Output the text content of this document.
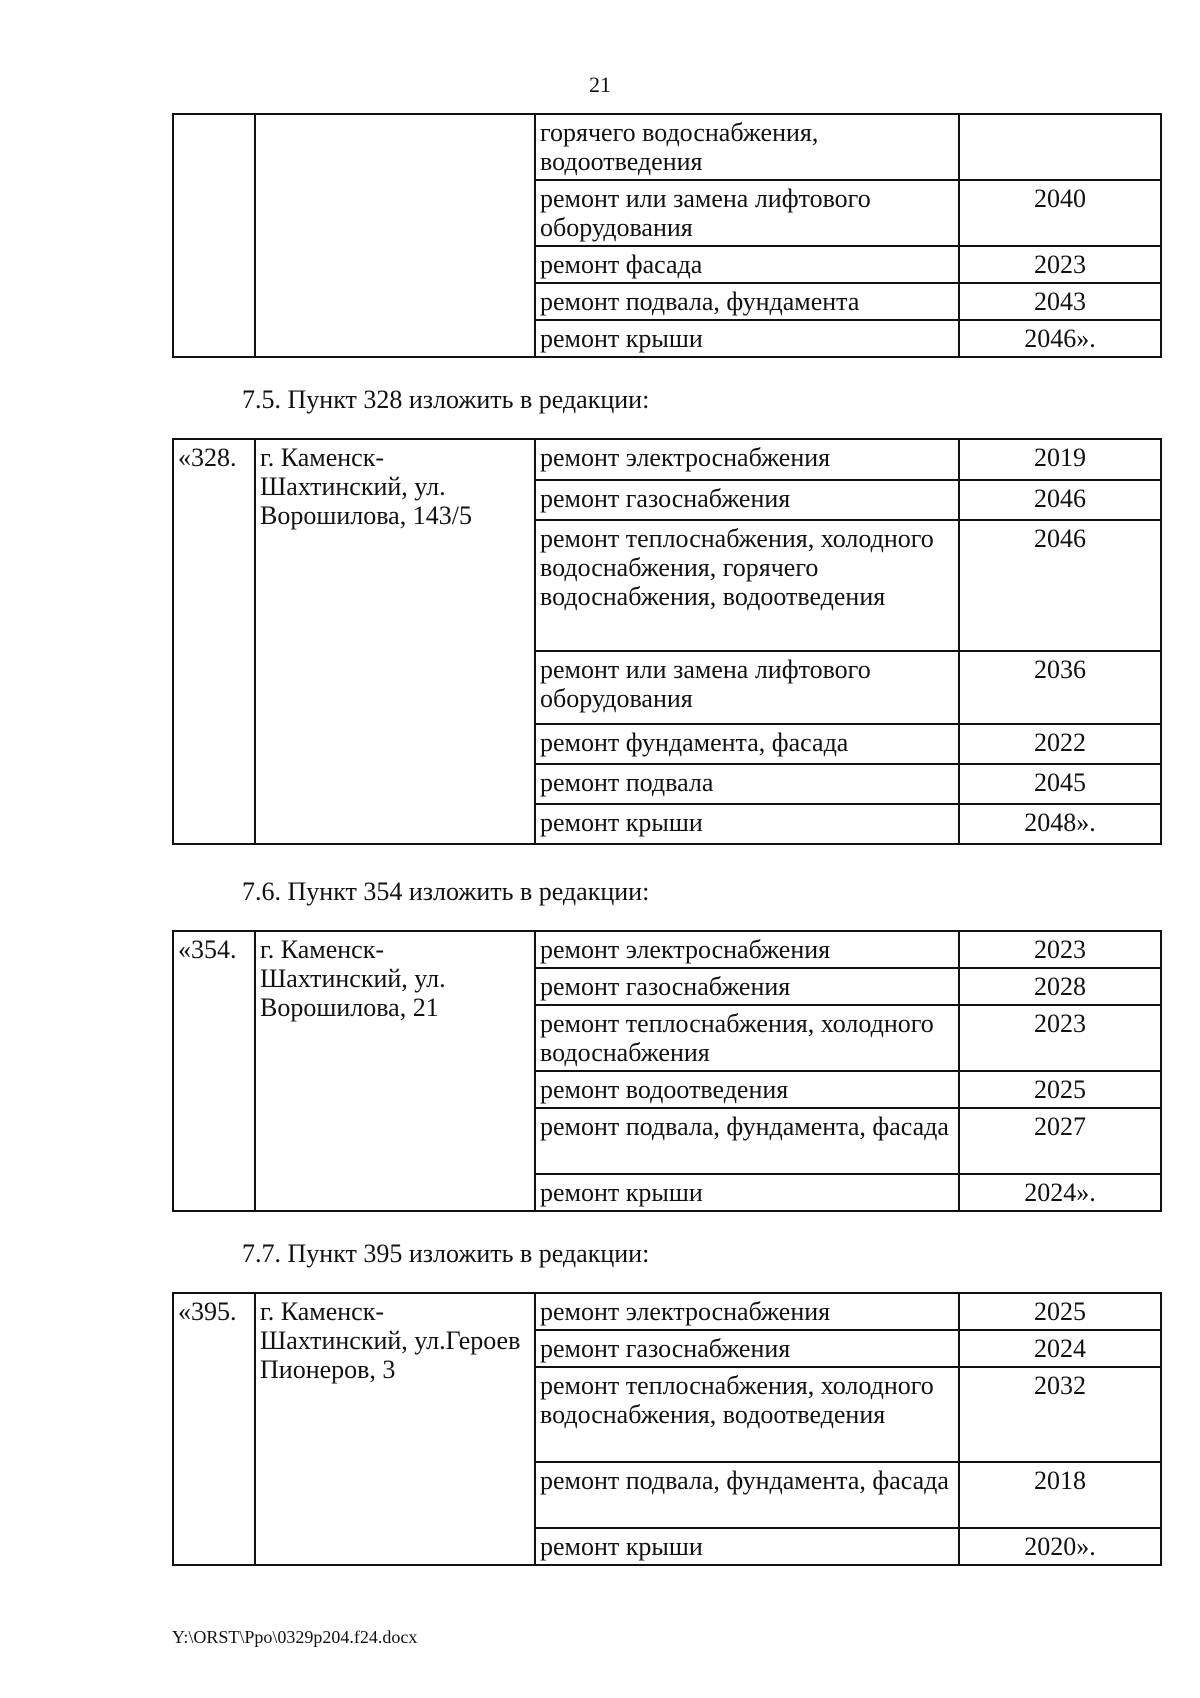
21
		горячего водоснабжения, водоотведения	
		ремонт или замена лифтового оборудования	2040
		ремонт фасада	2023
		ремонт подвала, фундамента	2043
		ремонт крыши	2046».
7.5. Пункт 328 изложить в редакции:
«328.	г. Каменск-Шахтинский, ул. Ворошилова, 143/5	ремонт электроснабжения	2019
		ремонт газоснабжения	2046
		ремонт теплоснабжения, холодного водоснабжения, горячего водоснабжения, водоотведения	2046
		ремонт или замена лифтового оборудования	2036
		ремонт фундамента, фасада	2022
		ремонт подвала	2045
		ремонт крыши	2048».
7.6. Пункт 354 изложить в редакции:
«354.	г. Каменск-Шахтинский, ул. Ворошилова, 21	ремонт электроснабжения	2023
		ремонт газоснабжения	2028
		ремонт теплоснабжения, холодного водоснабжения	2023
		ремонт водоотведения	2025
		ремонт подвала, фундамента, фасада	2027
		ремонт крыши	2024».
7.7. Пункт 395 изложить в редакции:
«395.	г. Каменск-Шахтинский, ул.Героев Пионеров, 3	ремонт электроснабжения	2025
		ремонт газоснабжения	2024
		ремонт теплоснабжения, холодного водоснабжения, водоотведения	2032
		ремонт подвала, фундамента, фасада	2018
		ремонт крыши	2020».
Y:\ORST\Ppo\0329p204.f24.docx
